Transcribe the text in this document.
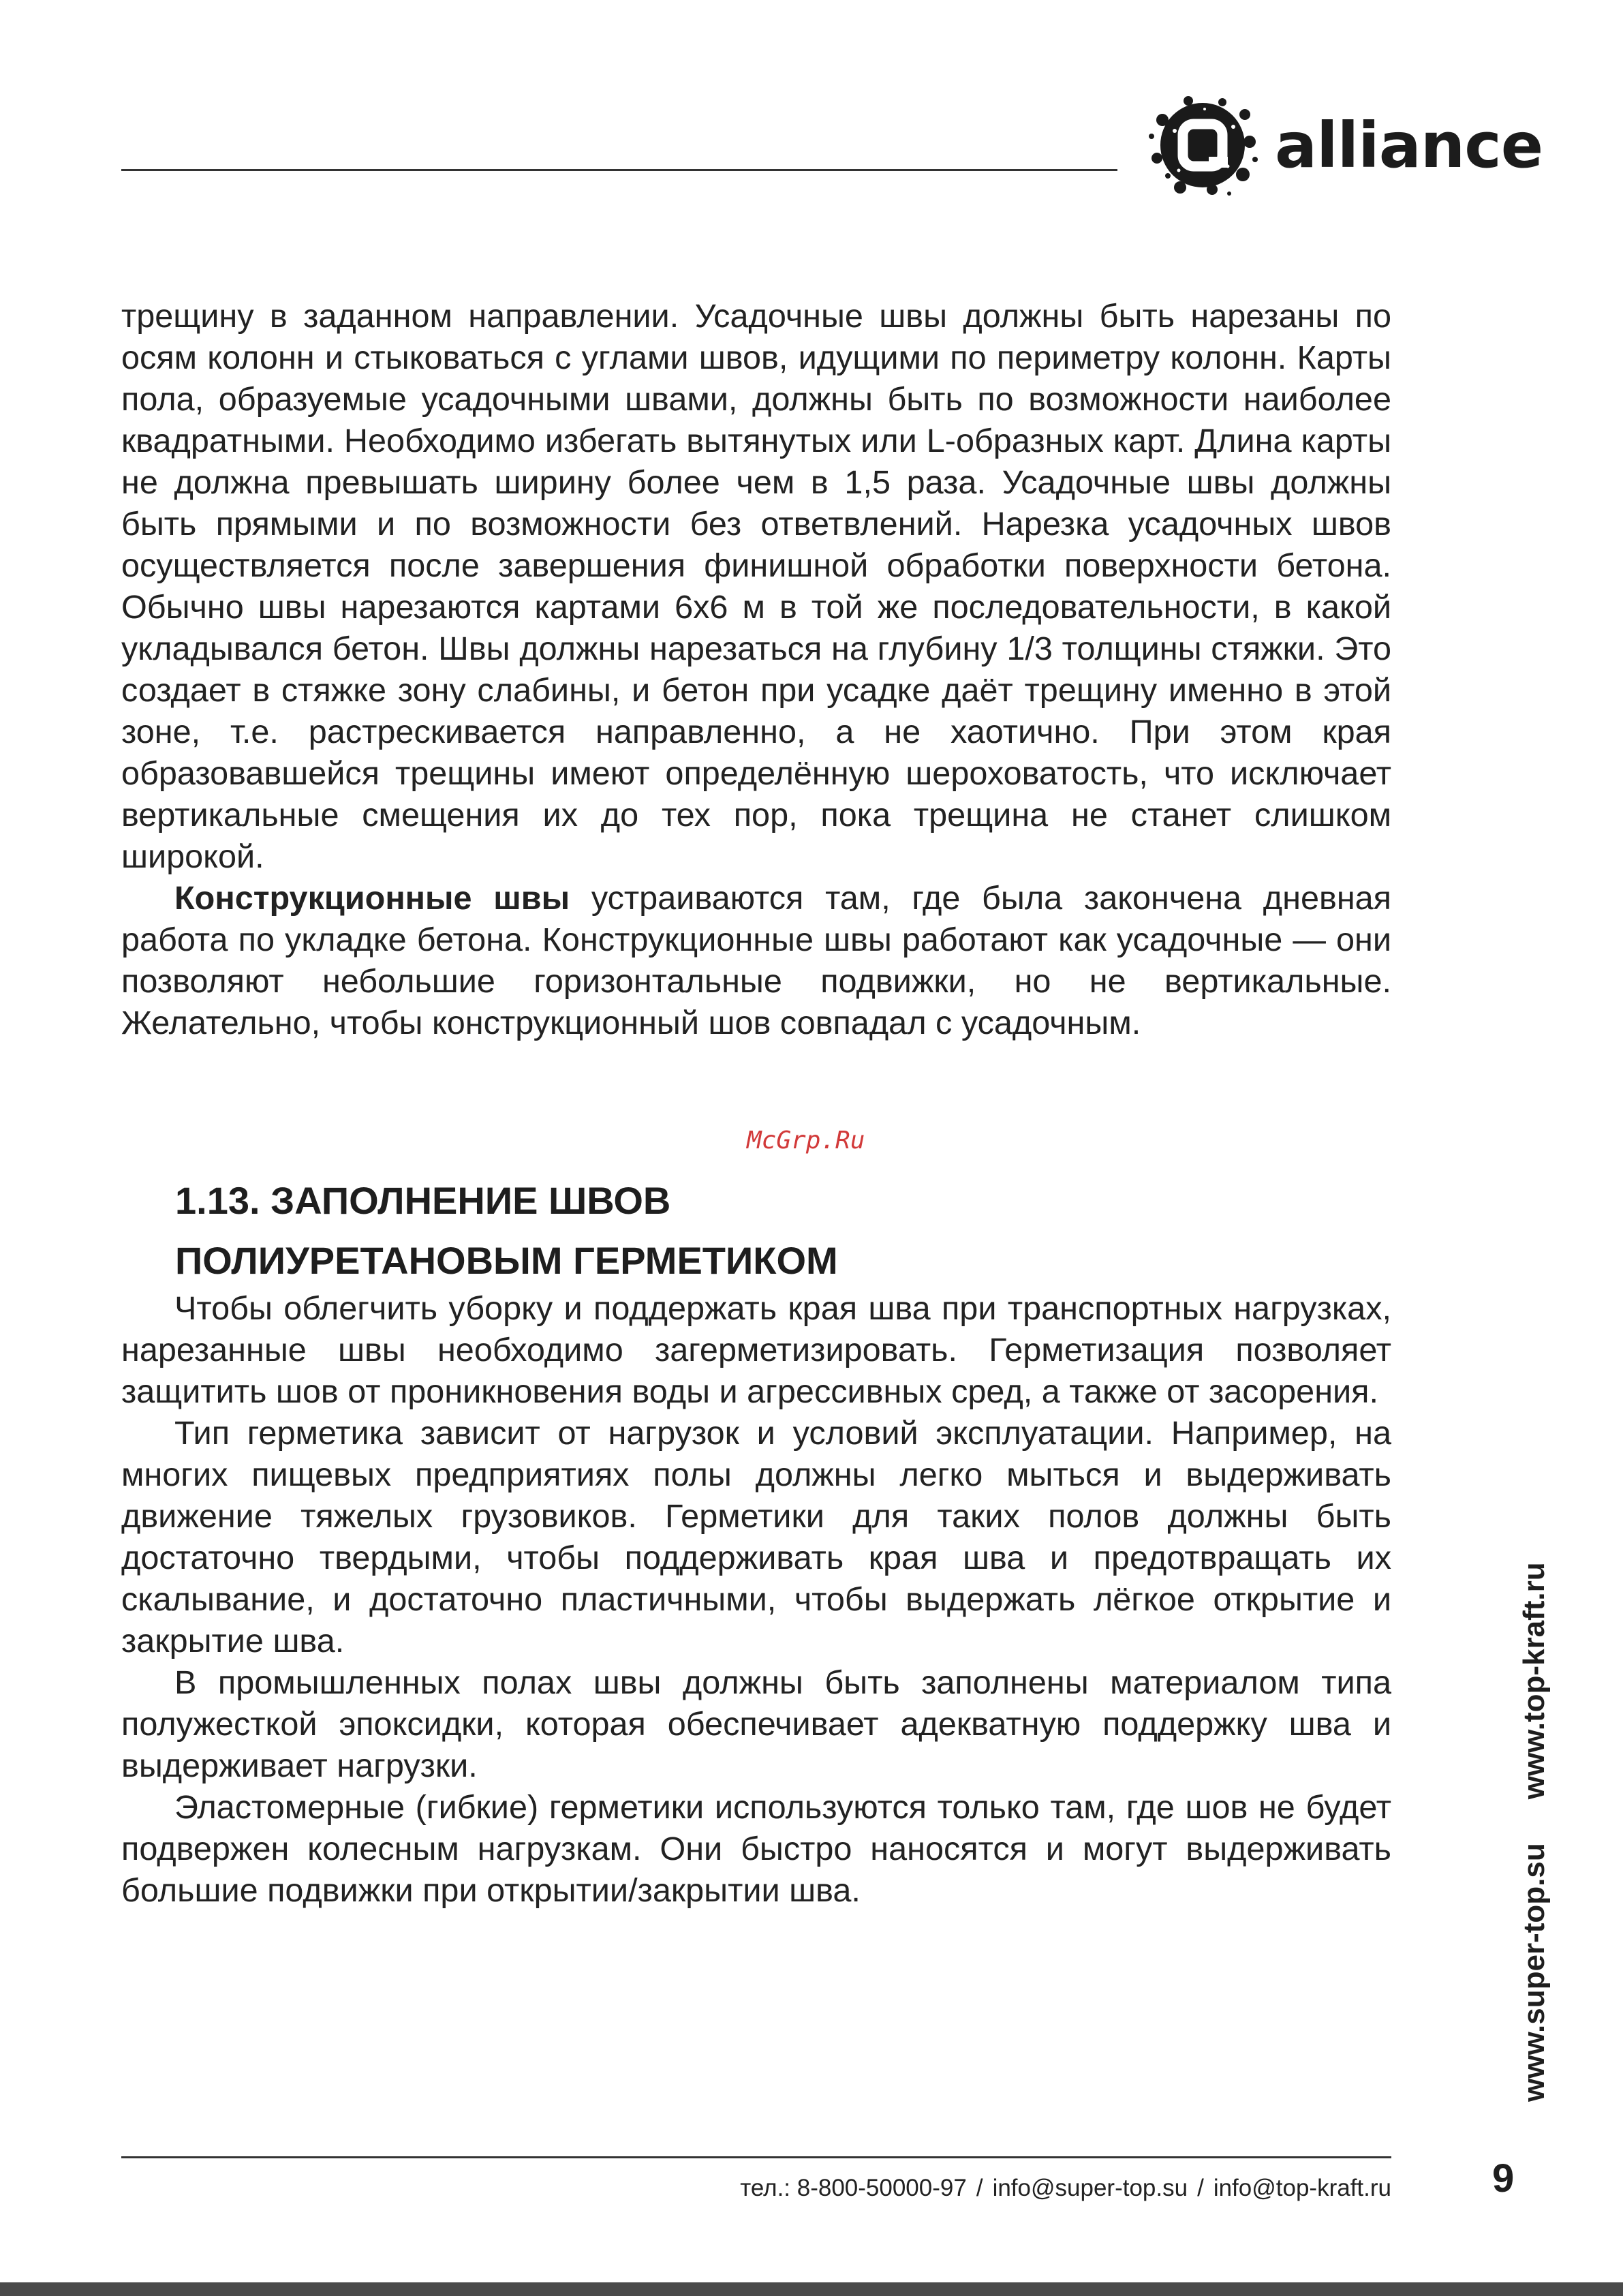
alliance

трещину в заданном направлении. Усадочные швы должны быть нарезаны по осям колонн и стыковаться с углами швов, идущими по периметру колонн. Карты пола, образуемые усадочными швами, должны быть по возможности наиболее квадратными. Необходимо избегать вытянутых или L-образных карт. Длина карты не должна превышать ширину более чем в 1,5 раза. Усадочные швы должны быть прямыми и по возможности без ответвлений. Нарезка усадочных швов осуществляется после завершения финишной обработки поверхности бетона. Обычно швы нарезаются картами 6х6 м в той же последовательности, в какой укладывался бетон. Швы должны нарезаться на глубину 1/3 толщины стяжки. Это создает в стяжке зону слабины, и бетон при усадке даёт трещину именно в этой зоне, т.е. растрескивается направленно, а не хаотично. При этом края образовавшейся трещины имеют определённую шероховатость, что исключает вертикальные смещения их до тех пор, пока трещина не станет слишком широкой.

Конструкционные швы устраиваются там, где была закончена дневная работа по укладке бетона. Конструкционные швы работают как усадочные — они позволяют небольшие горизонтальные подвижки, но не вертикальные. Желательно, чтобы конструкционный шов совпадал с усадочным.

McGrp.Ru
1.13. ЗАПОЛНЕНИЕ ШВОВ
ПОЛИУРЕТАНОВЫМ ГЕРМЕТИКОМ

Чтобы облегчить уборку и поддержать края шва при транспортных нагрузках, нарезанные швы необходимо загерметизировать. Герметизация позволяет защитить шов от проникновения воды и агрессивных сред, а также от засорения.

Тип герметика зависит от нагрузок и условий эксплуатации. Например, на многих пищевых предприятиях полы должны легко мыться и выдерживать движение тяжелых грузовиков. Герметики для таких полов должны быть достаточно твердыми, чтобы поддерживать края шва и предотвращать их скалывание, и достаточно пластичными, чтобы выдержать лёгкое открытие и закрытие шва.

В промышленных полах швы должны быть заполнены материалом типа полужесткой эпоксидки, которая обеспечивает адекватную поддержку шва и выдерживает нагрузки.

Эластомерные (гибкие) герметики используются только там, где шов не будет подвержен колесным нагрузкам. Они быстро наносятся и могут выдерживать большие подвижки при открытии/закрытии шва.	www.super-top.suwww.top-kraft.ru
тел.: 8-800-50000-97 / info@super-top.su / info@top-kraft.ru	9
